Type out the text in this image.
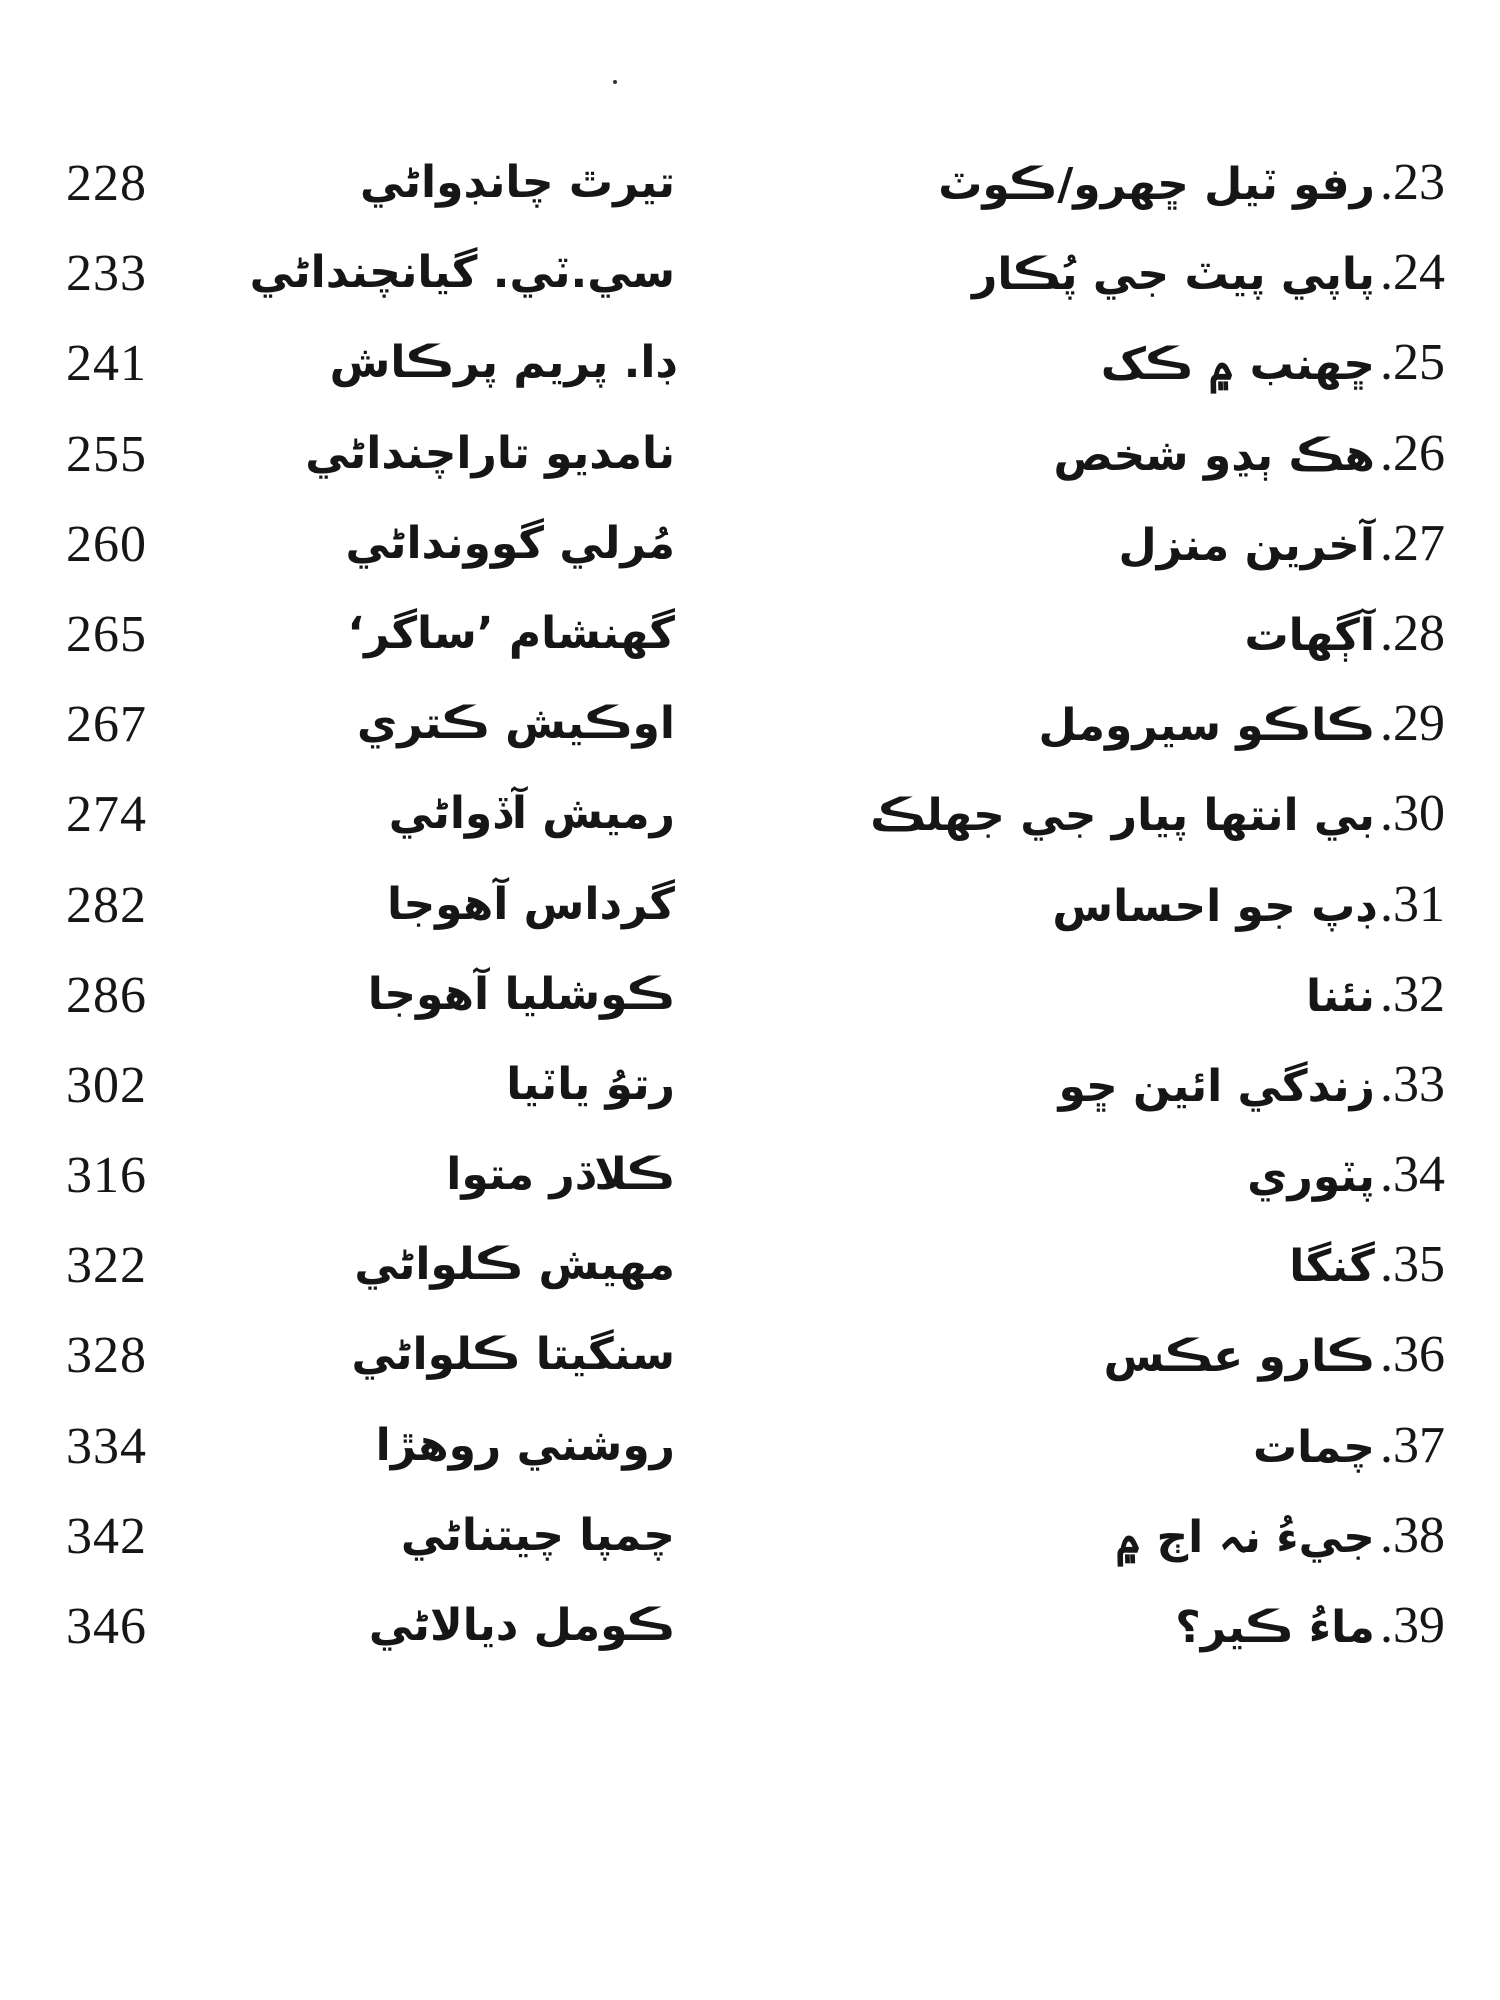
228	تيرٿ چانڊواڻي	23. رفو ٽيل ڇهرو/ڪوٽ
233	سي.ٽي. گيانچنداڻي	24. پاپي پيٽ جي پُڪار
241	ڊا. پريم پرڪاش	25. ڇهنب ۾ ڪک
255	نامديو تاراچنداڻي	26. هڪ ٻڍو شخص
260	مُرلي گوونداڻي	27. آخرين منزل
265	گهنشام ’ساگر‘	28. آڳهات
267	اوڪيش ڪتري	29. ڪاڪو سيرومل
274	رميش آڏواڻي	30. بي انتها پيار جي جهلڪ
282	گرداس آهوجا	31. ڊپ جو احساس
286	ڪوشليا آهوجا	32. نئنا
302	رتوُ ياٽيا	33. زندگي ائين ڇو
316	ڪلاڌر متوا	34. پٽوري
322	مهيش ڪلواڻي	35. گنگا
328	سنگيتا ڪلواڻي	36. ڪارو عڪس
334	روشني روهڙا	37. چمات
342	چمپا چيتناڻي	38. جيءُ نہ اڄ ۾
346	ڪومل ديالاڻي	39. ماءُ ڪير؟
